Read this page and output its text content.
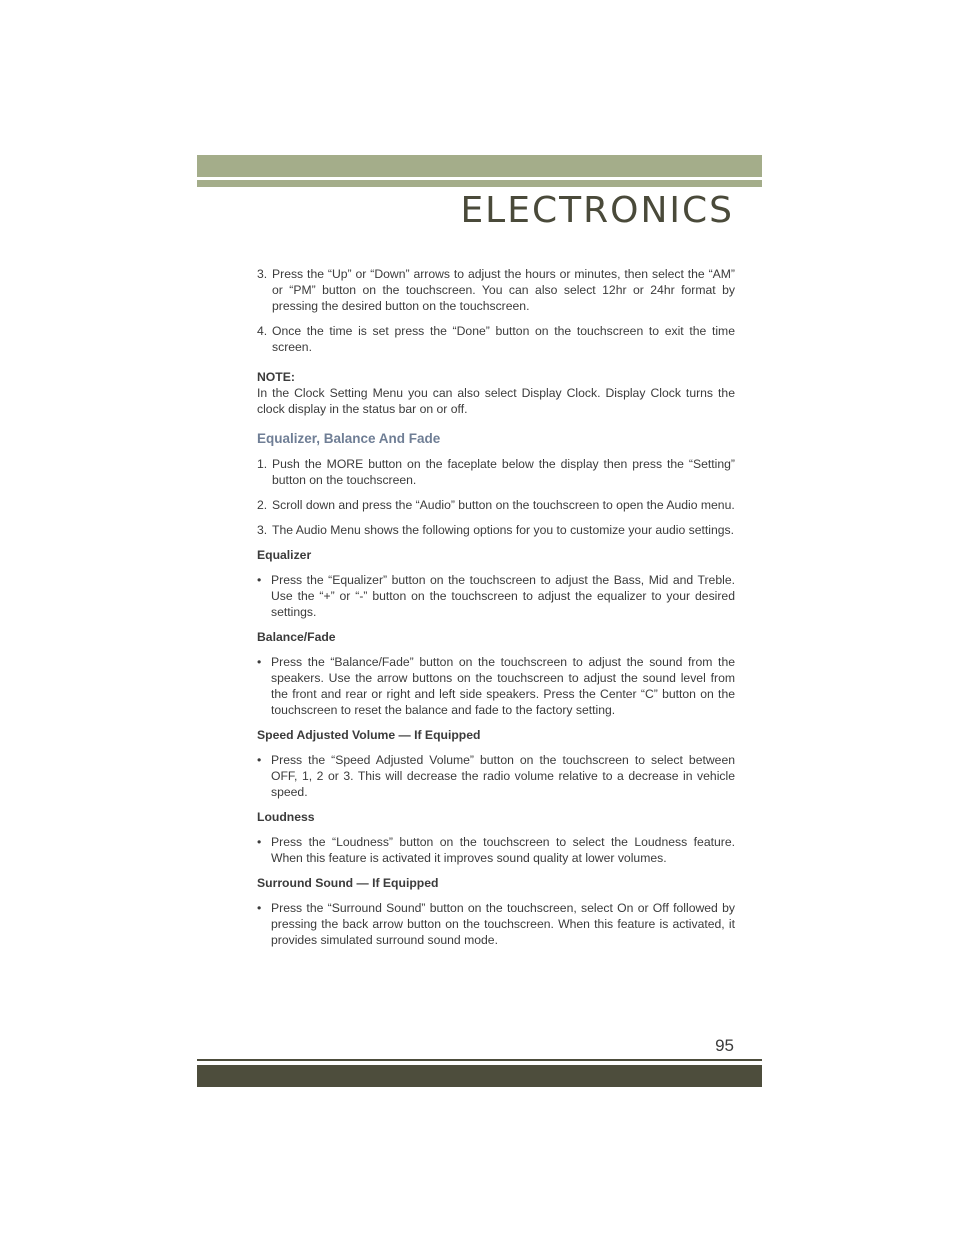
ELECTRONICS
3. Press the “Up” or “Down” arrows to adjust the hours or minutes, then select the “AM” or “PM” button on the touchscreen. You can also select 12hr or 24hr format by pressing the desired button on the touchscreen.
4. Once the time is set press the “Done” button on the touchscreen to exit the time screen.
NOTE:
In the Clock Setting Menu you can also select Display Clock. Display Clock turns the clock display in the status bar on or off.
Equalizer, Balance And Fade
1. Push the MORE button on the faceplate below the display then press the “Setting” button on the touchscreen.
2. Scroll down and press the “Audio” button on the touchscreen to open the Audio menu.
3. The Audio Menu shows the following options for you to customize your audio settings.
Equalizer
• Press the “Equalizer” button on the touchscreen to adjust the Bass, Mid and Treble. Use the “+” or “-” button on the touchscreen to adjust the equalizer to your desired settings.
Balance/Fade
• Press the “Balance/Fade” button on the touchscreen to adjust the sound from the speakers. Use the arrow buttons on the touchscreen to adjust the sound level from the front and rear or right and left side speakers. Press the Center “C” button on the touchscreen to reset the balance and fade to the factory setting.
Speed Adjusted Volume — If Equipped
• Press the “Speed Adjusted Volume” button on the touchscreen to select between OFF, 1, 2 or 3. This will decrease the radio volume relative to a decrease in vehicle speed.
Loudness
• Press the “Loudness” button on the touchscreen to select the Loudness feature. When this feature is activated it improves sound quality at lower volumes.
Surround Sound — If Equipped
• Press the “Surround Sound” button on the touchscreen, select On or Off followed by pressing the back arrow button on the touchscreen. When this feature is activated, it provides simulated surround sound mode.
95
